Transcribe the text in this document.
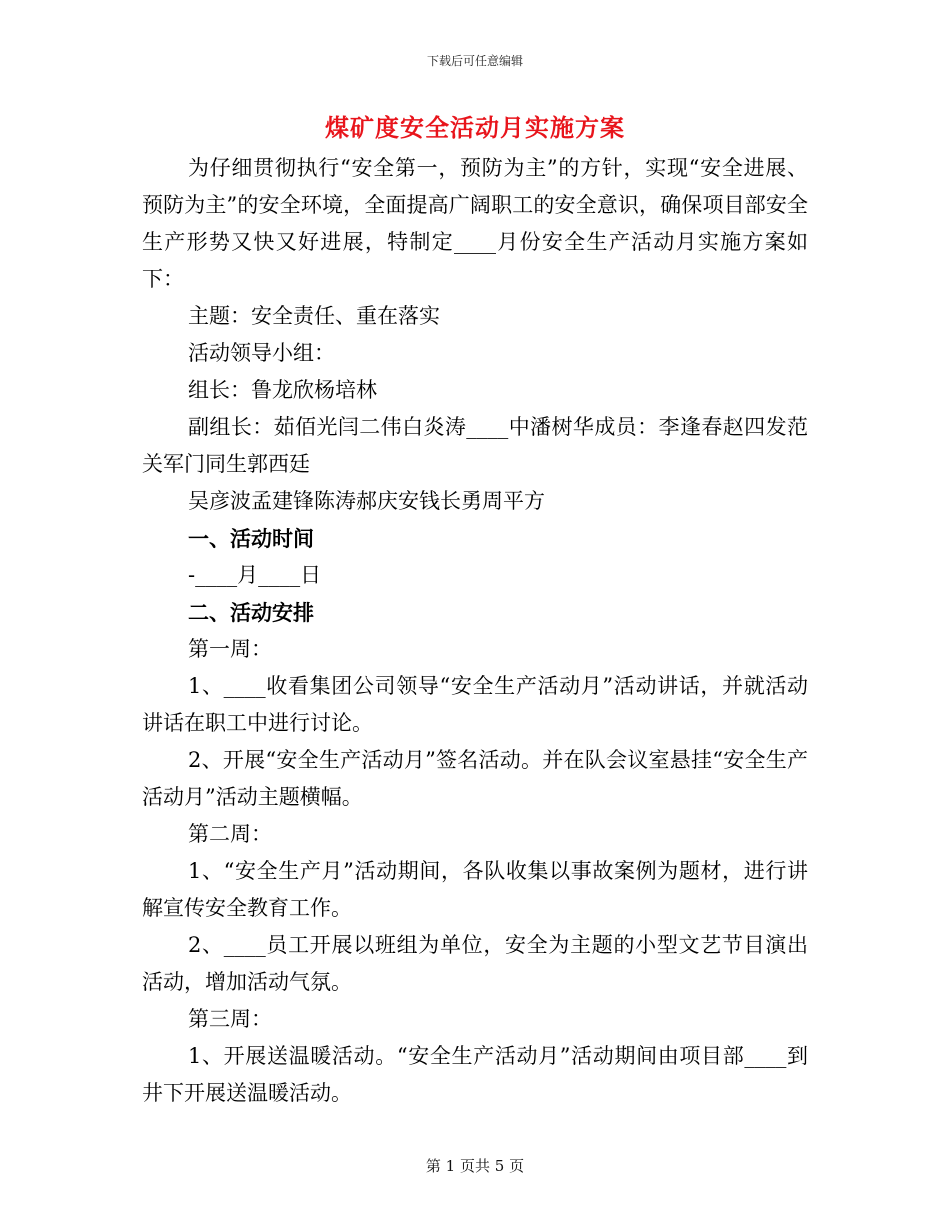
下载后可任意编辑
煤矿度安全活动月实施方案

为仔细贯彻执行“安全第一，预防为主”的方针，实现“安全进展、预防为主”的安全环境，全面提高广阔职工的安全意识，确保项目部安全生产形势又快又好进展，特制定____月份安全生产活动月实施方案如下：

主题：安全责任、重在落实

活动领导小组：

组长：鲁龙欣杨培林

副组长：茹佰光闫二伟白炎涛____中潘树华成员：李逢春赵四发范关军门同生郭西廷

吴彦波孟建锋陈涛郝庆安钱长勇周平方

一、活动时间

-____月____日

二、活动安排

第一周：

1、____收看集团公司领导“安全生产活动月”活动讲话，并就活动讲话在职工中进行讨论。

2、开展“安全生产活动月”签名活动。并在队会议室悬挂“安全生产活动月”活动主题横幅。

第二周：

1、“安全生产月”活动期间，各队收集以事故案例为题材，进行讲解宣传安全教育工作。

2、____员工开展以班组为单位，安全为主题的小型文艺节目演出活动，增加活动气氛。

第三周：

1、开展送温暖活动。“安全生产活动月”活动期间由项目部____到井下开展送温暖活动。

第 1 页共 5 页
